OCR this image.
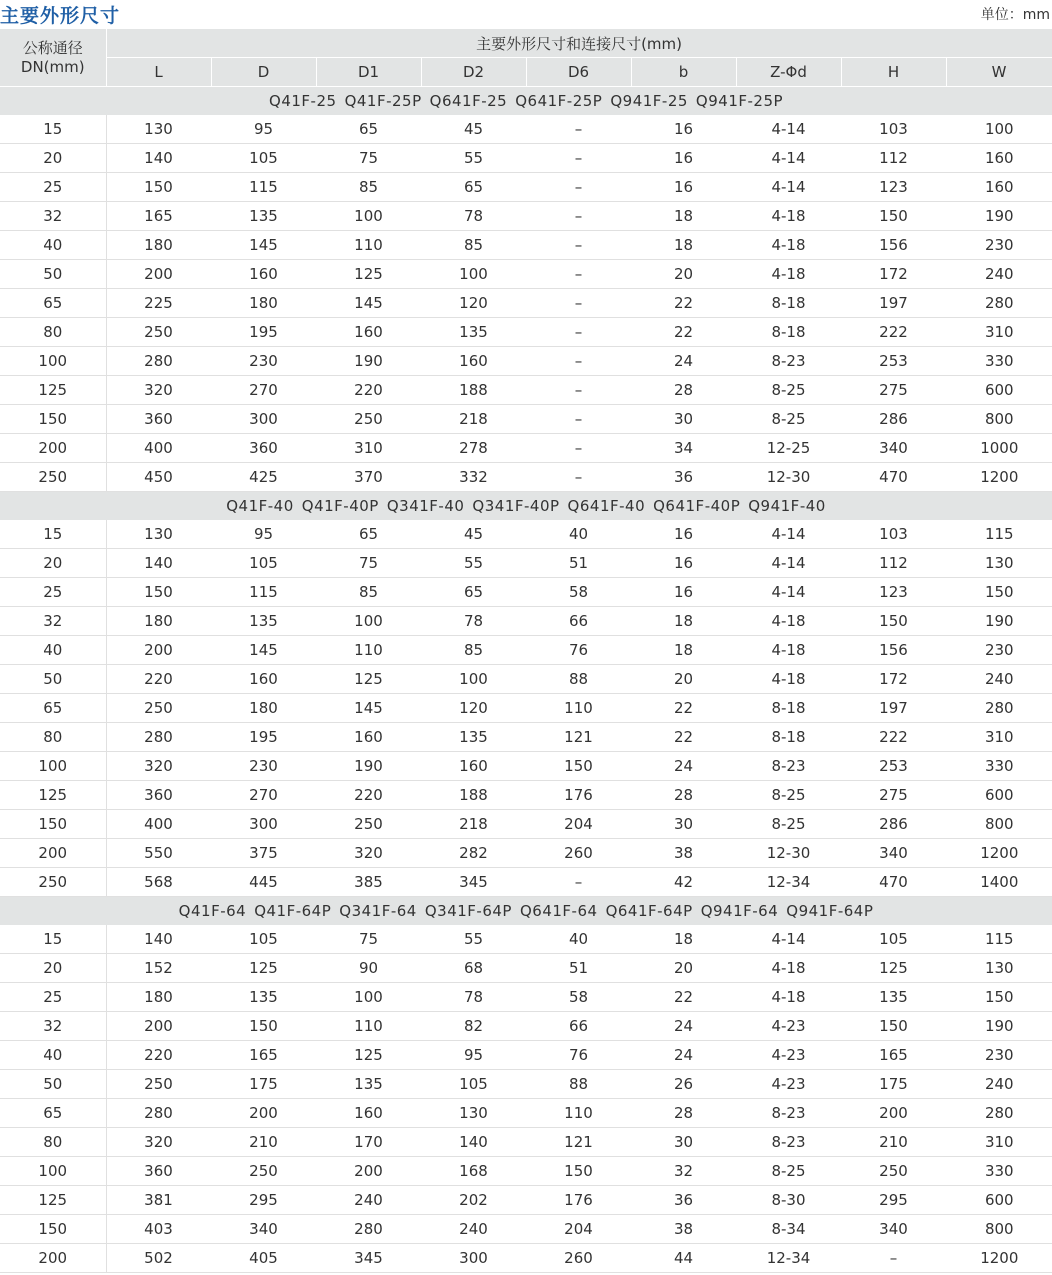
主要外形尺寸	单位：mm
公称通径
DN(mm)	主要外形尺寸和连接尺寸(mm)								
	L	D	D1	D2	D6	b	Z-Φd	H	W
Q41F-25 Q41F-25P Q641F-25 Q641F-25P Q941F-25 Q941F-25P									
15	130	95	65	45	–	16	4-14	103	100
20	140	105	75	55	–	16	4-14	112	160
25	150	115	85	65	–	16	4-14	123	160
32	165	135	100	78	–	18	4-18	150	190
40	180	145	110	85	–	18	4-18	156	230
50	200	160	125	100	–	20	4-18	172	240
65	225	180	145	120	–	22	8-18	197	280
80	250	195	160	135	–	22	8-18	222	310
100	280	230	190	160	–	24	8-23	253	330
125	320	270	220	188	–	28	8-25	275	600
150	360	300	250	218	–	30	8-25	286	800
200	400	360	310	278	–	34	12-25	340	1000
250	450	425	370	332	–	36	12-30	470	1200
Q41F-40 Q41F-40P Q341F-40 Q341F-40P Q641F-40 Q641F-40P Q941F-40									
15	130	95	65	45	40	16	4-14	103	115
20	140	105	75	55	51	16	4-14	112	130
25	150	115	85	65	58	16	4-14	123	150
32	180	135	100	78	66	18	4-18	150	190
40	200	145	110	85	76	18	4-18	156	230
50	220	160	125	100	88	20	4-18	172	240
65	250	180	145	120	110	22	8-18	197	280
80	280	195	160	135	121	22	8-18	222	310
100	320	230	190	160	150	24	8-23	253	330
125	360	270	220	188	176	28	8-25	275	600
150	400	300	250	218	204	30	8-25	286	800
200	550	375	320	282	260	38	12-30	340	1200
250	568	445	385	345	–	42	12-34	470	1400
Q41F-64 Q41F-64P Q341F-64 Q341F-64P Q641F-64 Q641F-64P Q941F-64 Q941F-64P									
15	140	105	75	55	40	18	4-14	105	115
20	152	125	90	68	51	20	4-18	125	130
25	180	135	100	78	58	22	4-18	135	150
32	200	150	110	82	66	24	4-23	150	190
40	220	165	125	95	76	24	4-23	165	230
50	250	175	135	105	88	26	4-23	175	240
65	280	200	160	130	110	28	8-23	200	280
80	320	210	170	140	121	30	8-23	210	310
100	360	250	200	168	150	32	8-25	250	330
125	381	295	240	202	176	36	8-30	295	600
150	403	340	280	240	204	38	8-34	340	800
200	502	405	345	300	260	44	12-34	–	1200
